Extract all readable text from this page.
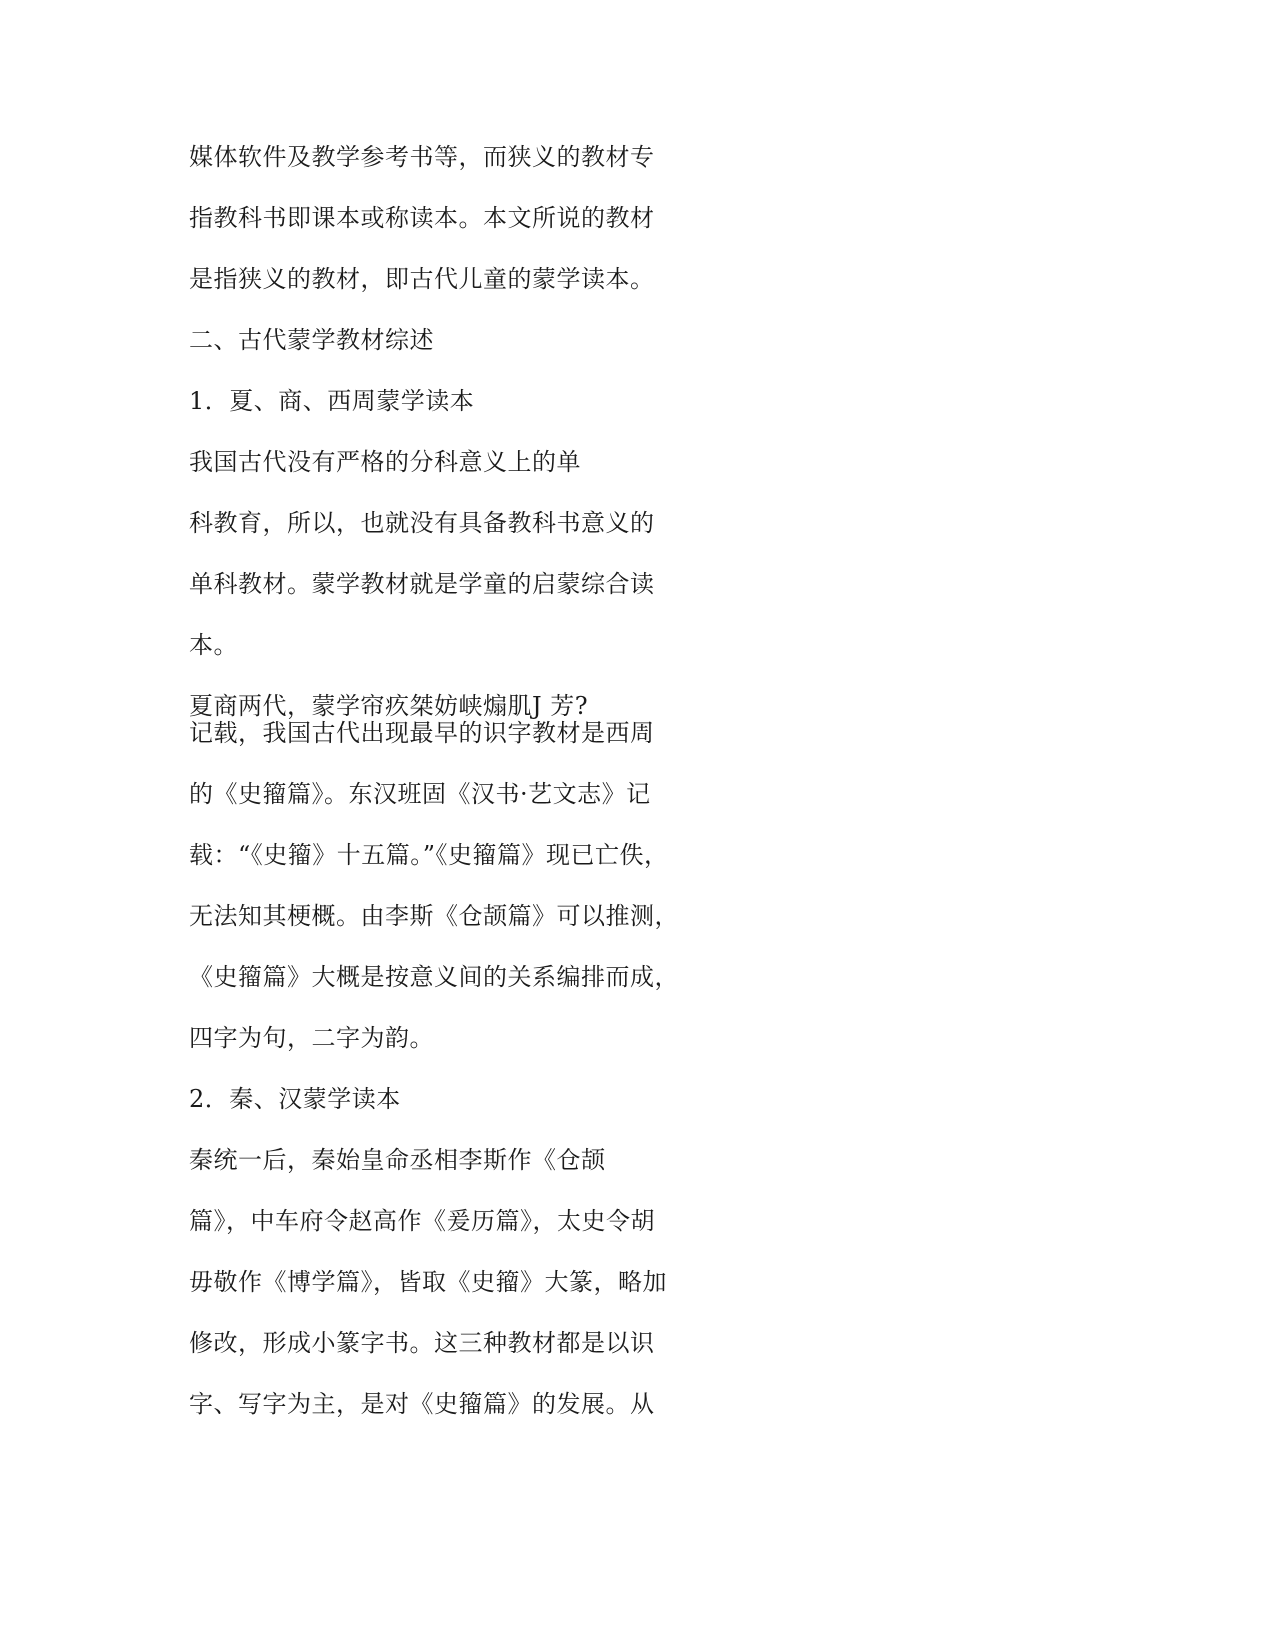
媒体软件及教学参考书等，而狭义的教材专
指教科书即课本或称读本。本文所说的教材
是指狭义的教材，即古代儿童的蒙学读本。
二、古代蒙学教材综述
1．夏、商、西周蒙学读本
我国古代没有严格的分科意义上的单
科教育，所以，也就没有具备教科书意义的
单科教材。蒙学教材就是学童的启蒙综合读
本。
夏商两代，蒙学帘疚桀妨峡煽肌J 芳?
记载，我国古代出现最早的识字教材是西周
的《史籀篇》。东汉班固《汉书·艺文志》记
载：“《史籀》十五篇。”《史籀篇》现已亡佚，
无法知其梗概。由李斯《仓颉篇》可以推测，
《史籀篇》大概是按意义间的关系编排而成，
四字为句，二字为韵。
2．秦、汉蒙学读本
秦统一后，秦始皇命丞相李斯作《仓颉
篇》，中车府令赵高作《爰历篇》，太史令胡
毋敬作《博学篇》，皆取《史籀》大篆，略加
修改，形成小篆字书。这三种教材都是以识
字、写字为主，是对《史籀篇》的发展。从
